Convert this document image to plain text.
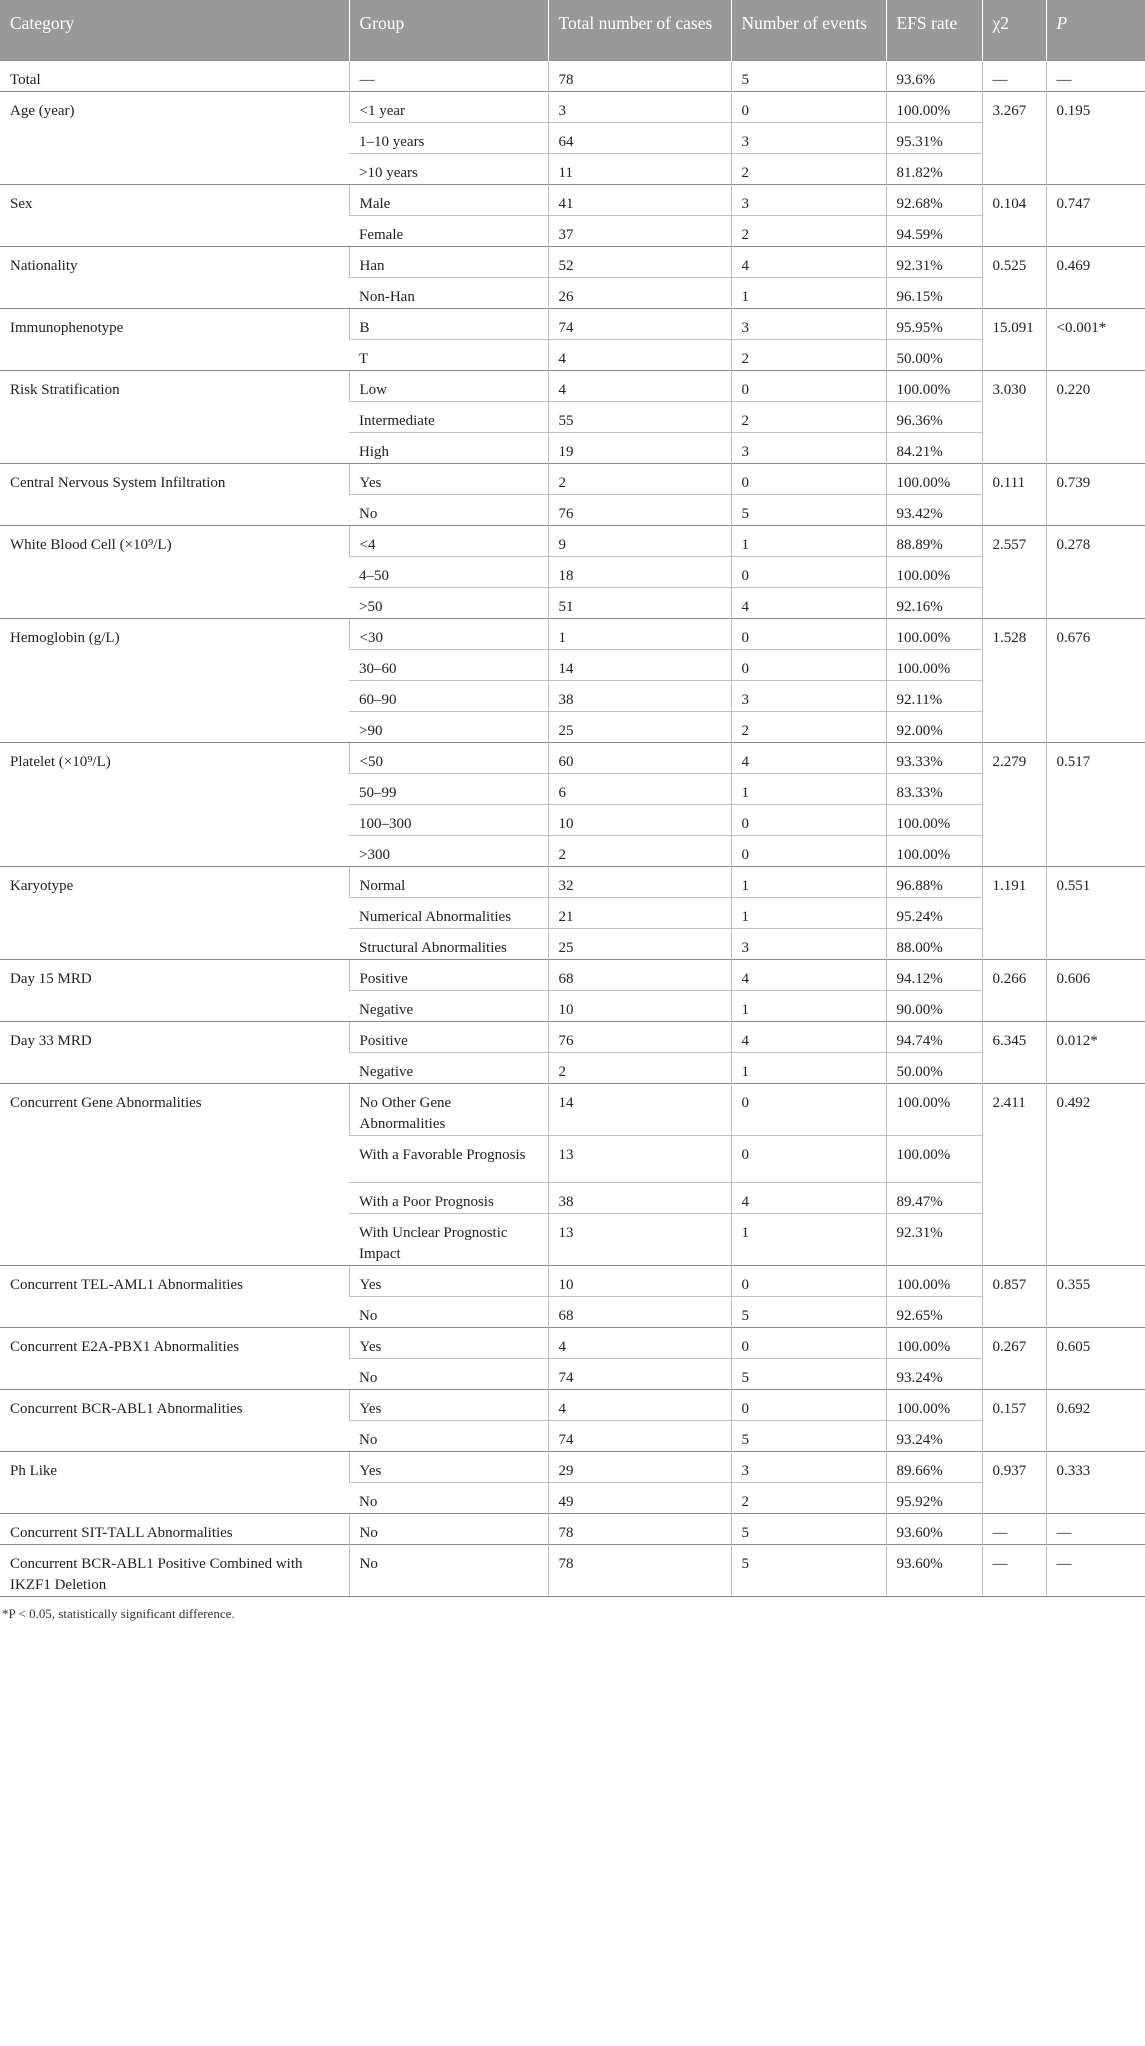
Category	Group	Total number of cases	Number of events	EFS rate	χ2	P
Total	—	78	5	93.6%	—	—
Age (year)	<1 year	3	0	100.00%	3.267	0.195
	1–10 years	64	3	95.31%		
	>10 years	11	2	81.82%		
Sex	Male	41	3	92.68%	0.104	0.747
	Female	37	2	94.59%		
Nationality	Han	52	4	92.31%	0.525	0.469
	Non-Han	26	1	96.15%		
Immunophenotype	B	74	3	95.95%	15.091	<0.001*
	T	4	2	50.00%		
Risk Stratification	Low	4	0	100.00%	3.030	0.220
	Intermediate	55	2	96.36%		
	High	19	3	84.21%		
Central Nervous System Infiltration	Yes	2	0	100.00%	0.111	0.739
	No	76	5	93.42%		
White Blood Cell (×10⁹/L)	<4	9	1	88.89%	2.557	0.278
	4–50	18	0	100.00%		
	>50	51	4	92.16%		
Hemoglobin (g/L)	<30	1	0	100.00%	1.528	0.676
	30–60	14	0	100.00%		
	60–90	38	3	92.11%		
	>90	25	2	92.00%		
Platelet (×10⁹/L)	<50	60	4	93.33%	2.279	0.517
	50–99	6	1	83.33%		
	100–300	10	0	100.00%		
	>300	2	0	100.00%		
Karyotype	Normal	32	1	96.88%	1.191	0.551
	Numerical Abnormalities	21	1	95.24%		
	Structural Abnormalities	25	3	88.00%		
Day 15 MRD	Positive	68	4	94.12%	0.266	0.606
	Negative	10	1	90.00%		
Day 33 MRD	Positive	76	4	94.74%	6.345	0.012*
	Negative	2	1	50.00%		
Concurrent Gene Abnormalities	No Other Gene Abnormalities	14	0	100.00%	2.411	0.492
	With a Favorable Prognosis	13	0	100.00%		
	With a Poor Prognosis	38	4	89.47%		
	With Unclear Prognostic Impact	13	1	92.31%		
Concurrent TEL-AML1 Abnormalities	Yes	10	0	100.00%	0.857	0.355
	No	68	5	92.65%		
Concurrent E2A-PBX1 Abnormalities	Yes	4	0	100.00%	0.267	0.605
	No	74	5	93.24%		
Concurrent BCR-ABL1 Abnormalities	Yes	4	0	100.00%	0.157	0.692
	No	74	5	93.24%		
Ph Like	Yes	29	3	89.66%	0.937	0.333
	No	49	2	95.92%		
Concurrent SIT-TALL Abnormalities	No	78	5	93.60%	—	—
Concurrent BCR-ABL1 Positive Combined with IKZF1 Deletion	No	78	5	93.60%	—	—
*P < 0.05, statistically significant difference.
